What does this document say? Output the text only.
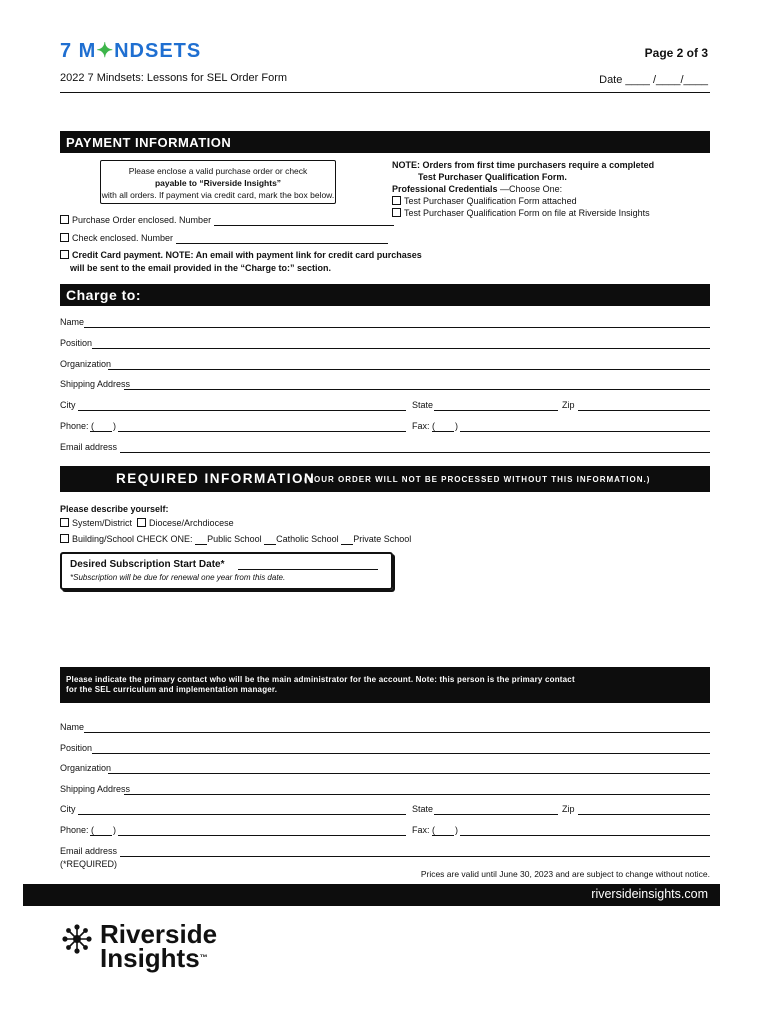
7 M✦NDSETS	Page 2 of 3
2022 7 Mindsets: Lessons for SEL Order Form	Date ____ /____/____
PAYMENT INFORMATION
Please enclose a valid purchase order or check
payable to “Riverside Insights”
with all orders. If payment via credit card, mark the box below.
Purchase Order enclosed. Number
Check enclosed. Number
Credit Card payment. NOTE: An email with payment link for credit card purchases
will be sent to the email provided in the “Charge to:” section.
NOTE: Orders from first time purchasers require a completed
Test Purchaser Qualification Form.
Professional Credentials —Choose One:
Test Purchaser Qualification Form attached
Test Purchaser Qualification Form on file at Riverside Insights
Charge to:
Name
Position
Organization
Shipping Address
City	State	Zip
Phone: ( )	Fax: ( )
Email address
REQUIRED INFORMATION
(YOUR ORDER WILL NOT BE PROCESSED WITHOUT THIS INFORMATION.)
Please describe yourself:
System/District Diocese/Archdiocese
Building/School CHECK ONE: Public School Catholic School Private School
Desired Subscription Start Date*
*Subscription will be due for renewal one year from this date.
Please indicate the primary contact who will be the main administrator for the account. Note: this person is the primary contact
for the SEL curriculum and implementation manager.
Name
Position
Organization
Shipping Address
City	State	Zip
Phone: ( )	Fax: ( )
Email address
(*REQUIRED)
Prices are valid until June 30, 2023 and are subject to change without notice.
riversideinsights.com
Riverside
Insights™
